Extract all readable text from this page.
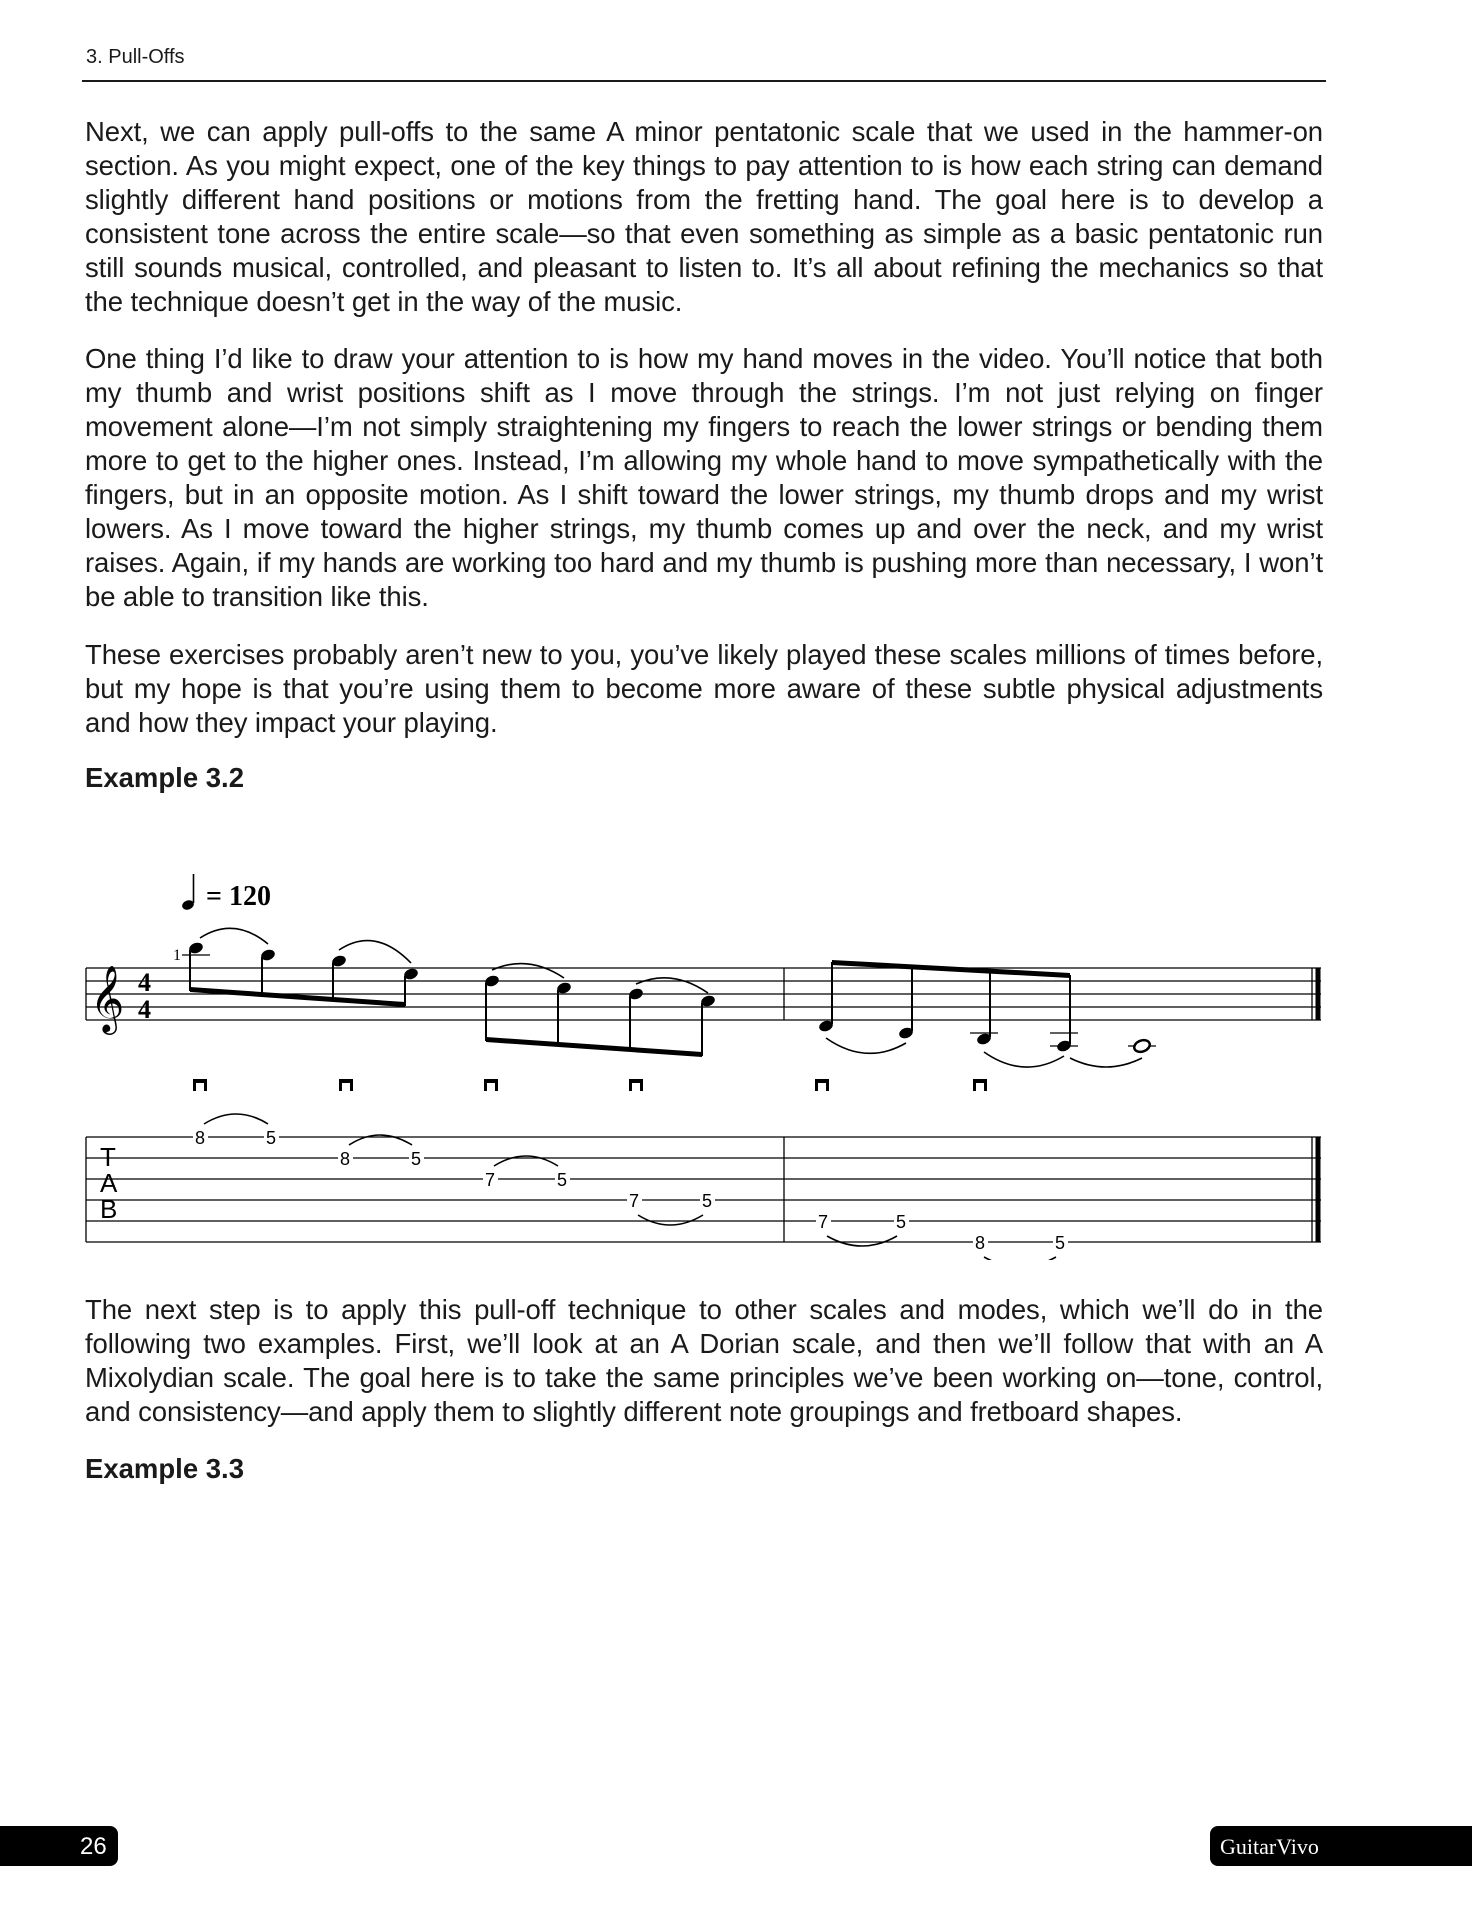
3. Pull-Offs

Next, we can apply pull-offs to the same A minor pentatonic scale that we used in the hammer-on section. As you might expect, one of the key things to pay attention to is how each string can demand slightly different hand positions or motions from the fretting hand. The goal here is to develop a consistent tone across the entire scale—so that even something as simple as a basic pentatonic run still sounds musical, controlled, and pleasant to listen to. It’s all about refining the mechanics so that the technique doesn’t get in the way of the music.

One thing I’d like to draw your attention to is how my hand moves in the video. You’ll notice that both my thumb and wrist positions shift as I move through the strings. I’m not just relying on finger movement alone—I’m not simply straightening my fingers to reach the lower strings or bending them more to get to the higher ones. Instead, I’m allowing my whole hand to move sympathetically with the fingers, but in an opposite motion. As I shift toward the lower strings, my thumb drops and my wrist lowers. As I move toward the higher strings, my thumb comes up and over the neck, and my wrist raises. Again, if my hands are working too hard and my thumb is pushing more than necessary, I won’t be able to transition like this.

These exercises probably aren’t new to you, you’ve likely played these scales millions of times before, but my hope is that you’re using them to become more aware of these subtle physical adjustments and how they impact your playing.

Example 3.2

= 120
1
𝄞 4
4
T
A
B
8	5
8	5
7	5
7	5
7	5
8	5

The next step is to apply this pull-off technique to other scales and modes, which we’ll do in the following two examples. First, we’ll look at an A Dorian scale, and then we’ll follow that with an A Mixolydian scale. The goal here is to take the same principles we’ve been working on—tone, control, and consistency—and apply them to slightly different note groupings and fretboard shapes.

Example 3.3

26	GuitarVivo
